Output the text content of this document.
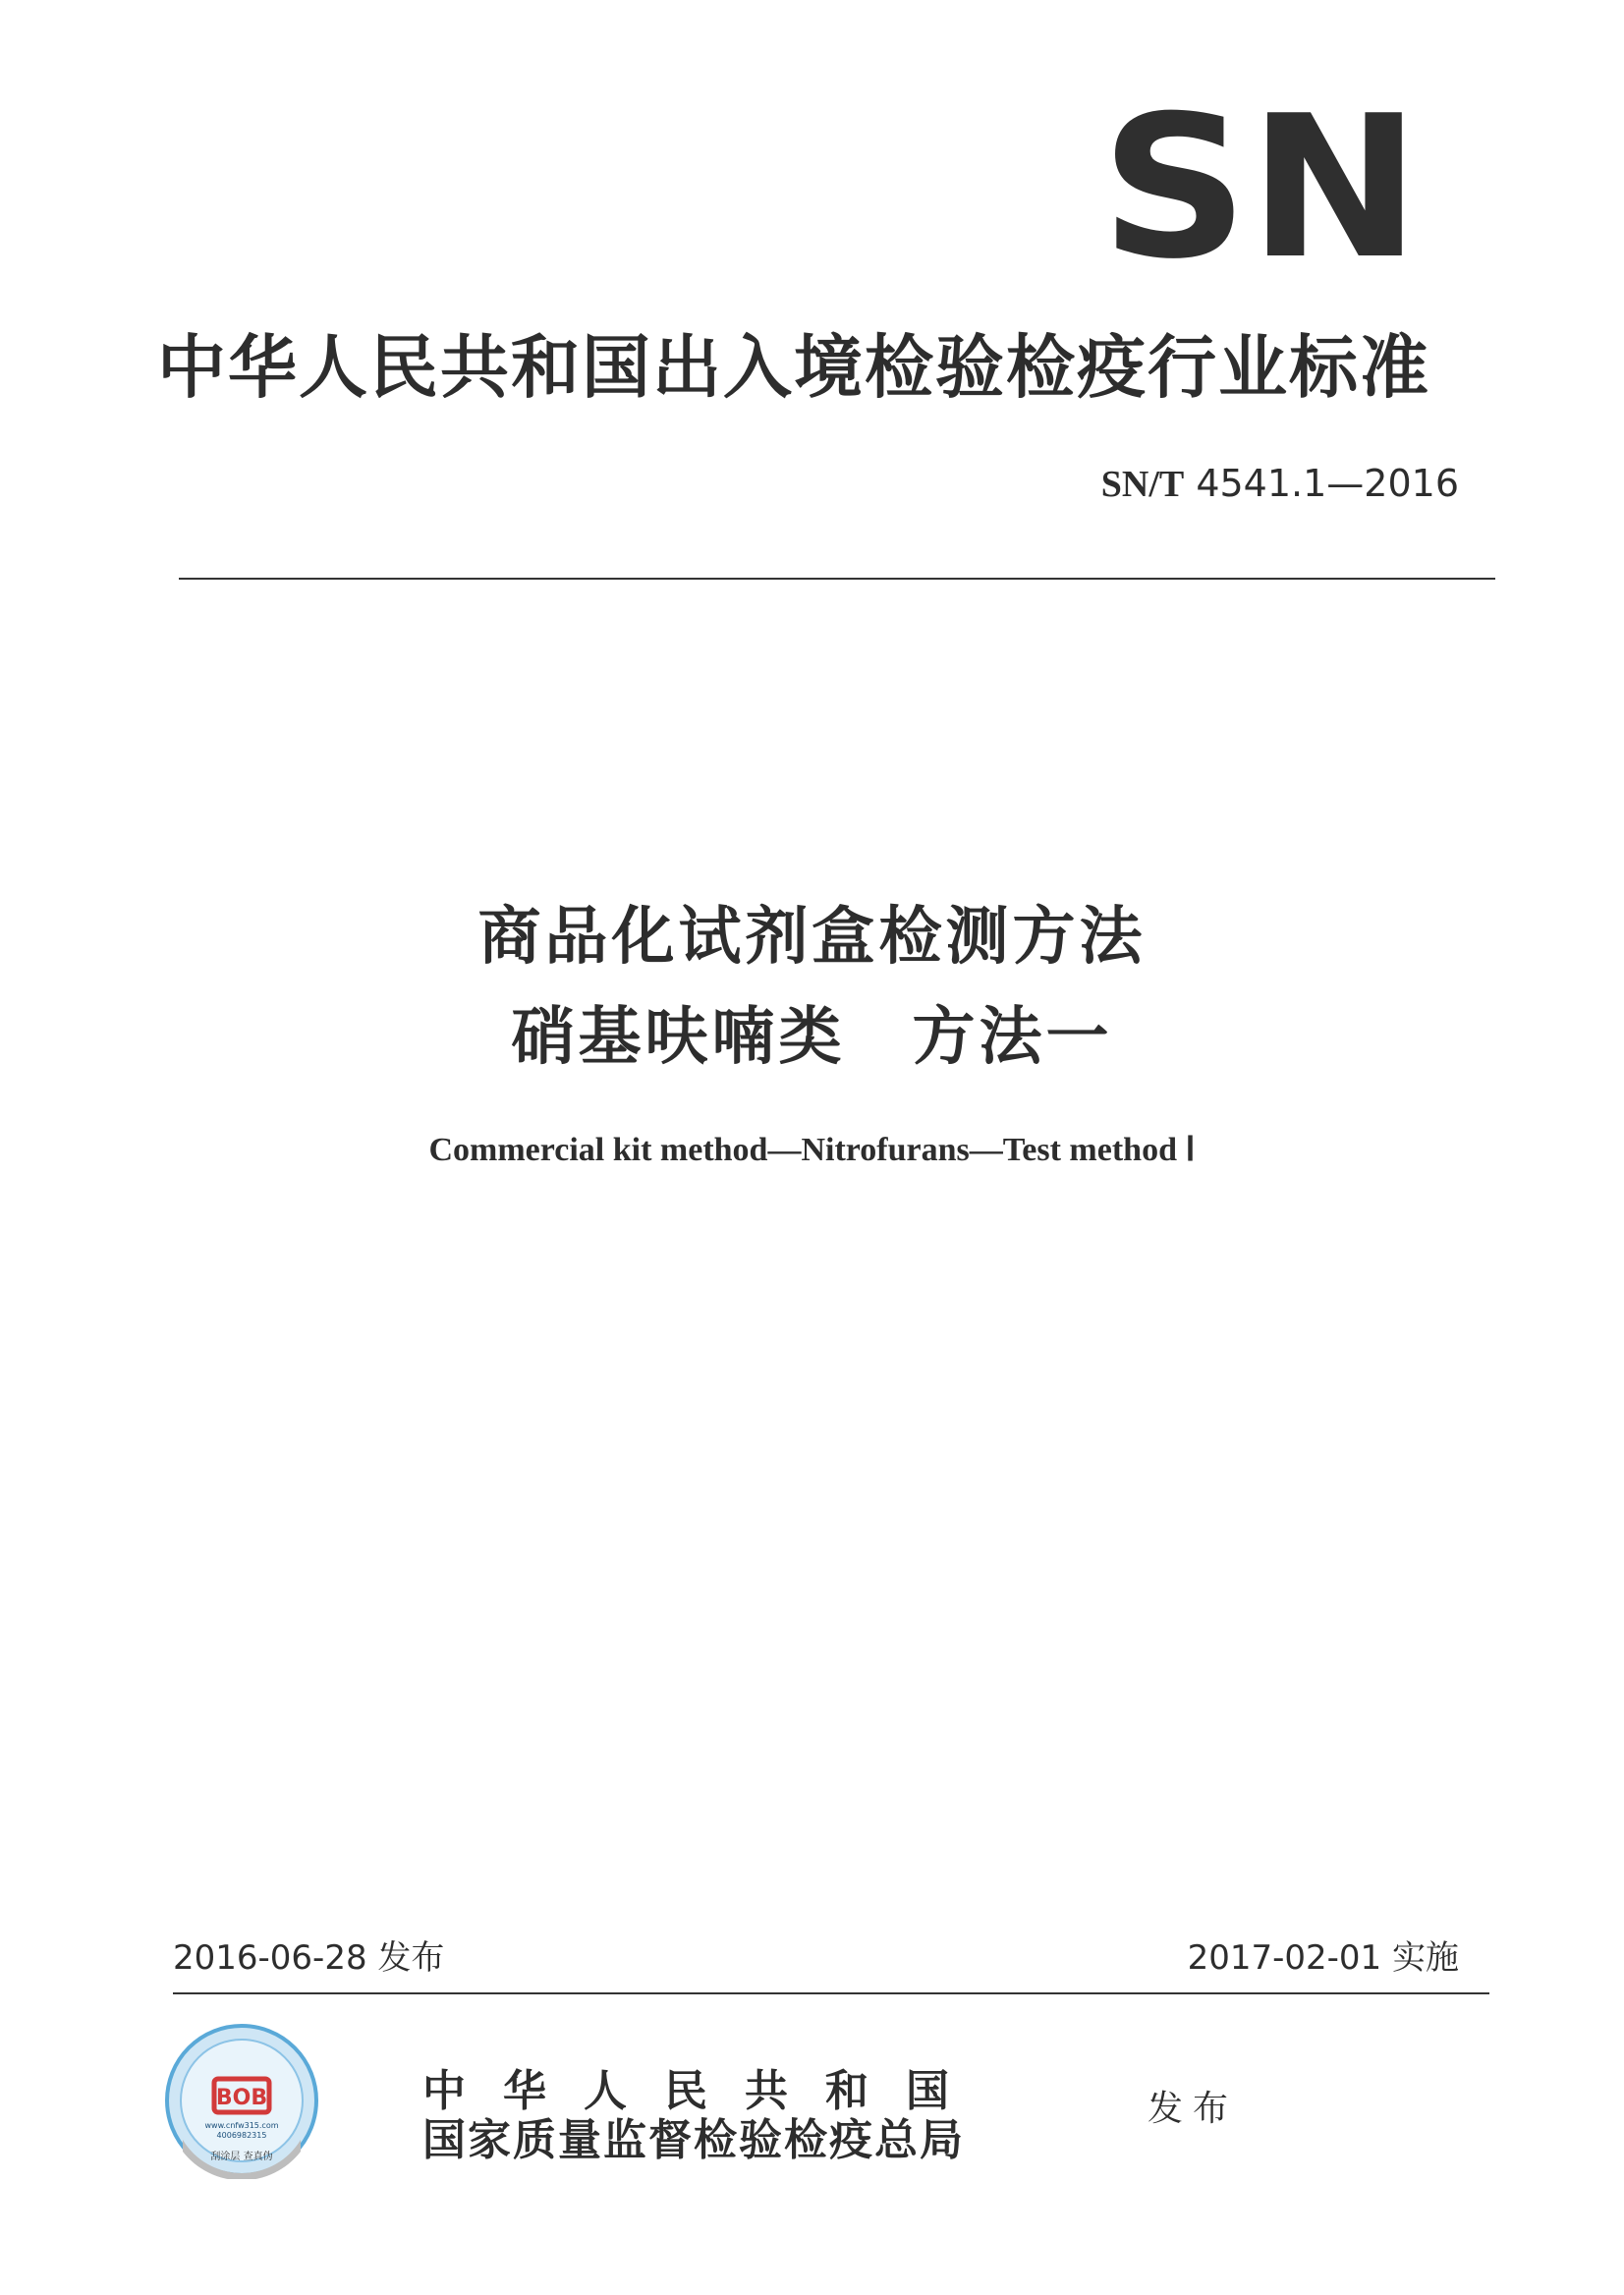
SN
中华人民共和国出入境检验检疫行业标准
SN/T 4541.1—2016
商品化试剂盒检测方法
硝基呋喃类　方法一
Commercial kit method—Nitrofurans—Test method Ⅰ
2016-06-28 发布	2017-02-01 实施
BOB
www.cnfw315.com
4006982315
刮涂层 查真伪
中华人民共和国
国家质量监督检验检疫总局
发布
